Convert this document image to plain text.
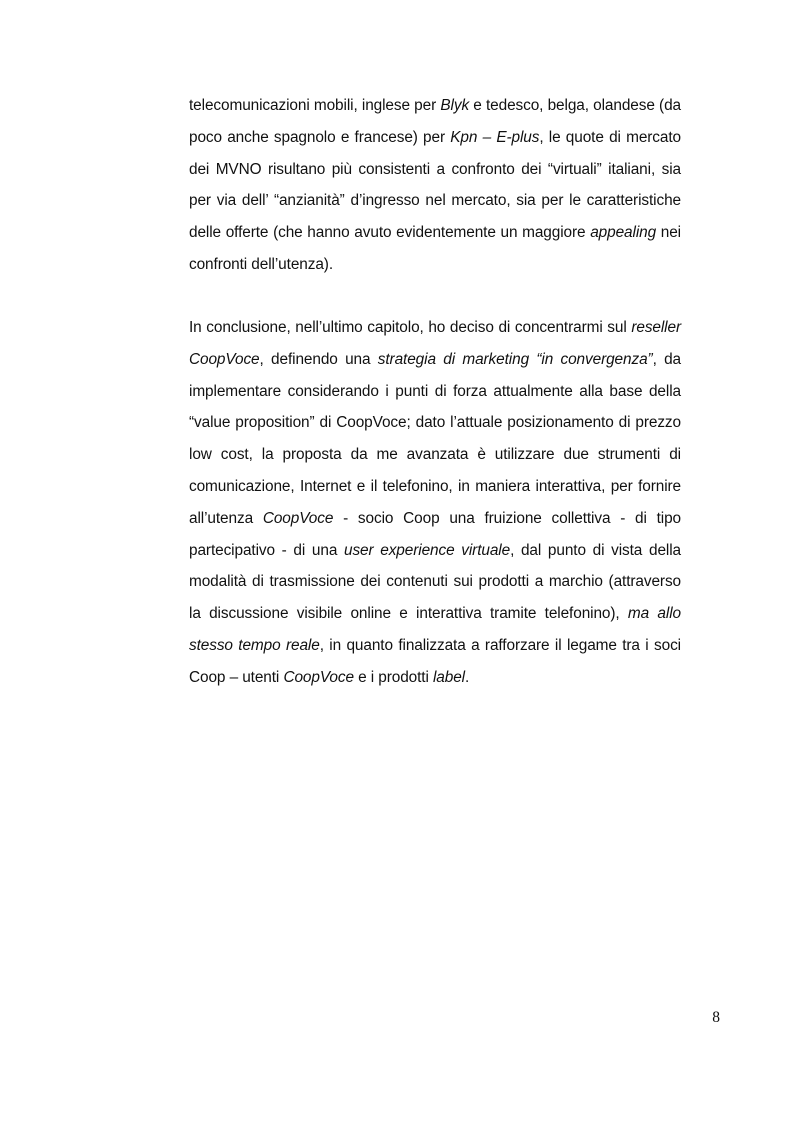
telecomunicazioni mobili, inglese per Blyk e tedesco, belga, olandese (da poco anche spagnolo e francese) per Kpn – E-plus, le quote di mercato dei MVNO risultano più consistenti a confronto dei “virtuali” italiani, sia per via dell’ “anzianità” d’ingresso nel mercato, sia per le caratteristiche delle offerte (che hanno avuto evidentemente un maggiore appealing nei confronti dell’utenza).
In conclusione, nell’ultimo capitolo, ho deciso di concentrarmi sul reseller CoopVoce, definendo una strategia di marketing “in convergenza”, da implementare considerando i punti di forza attualmente alla base della “value proposition” di CoopVoce; dato l’attuale posizionamento di prezzo low cost, la proposta da me avanzata è utilizzare due strumenti di comunicazione, Internet e il telefonino, in maniera interattiva, per fornire all’utenza CoopVoce - socio Coop una fruizione collettiva - di tipo partecipativo - di una user experience virtuale, dal punto di vista della modalità di trasmissione dei contenuti sui prodotti a marchio (attraverso la discussione visibile online e interattiva tramite telefonino), ma allo stesso tempo reale, in quanto finalizzata a rafforzare il legame tra i soci Coop – utenti CoopVoce e i prodotti label.
8
